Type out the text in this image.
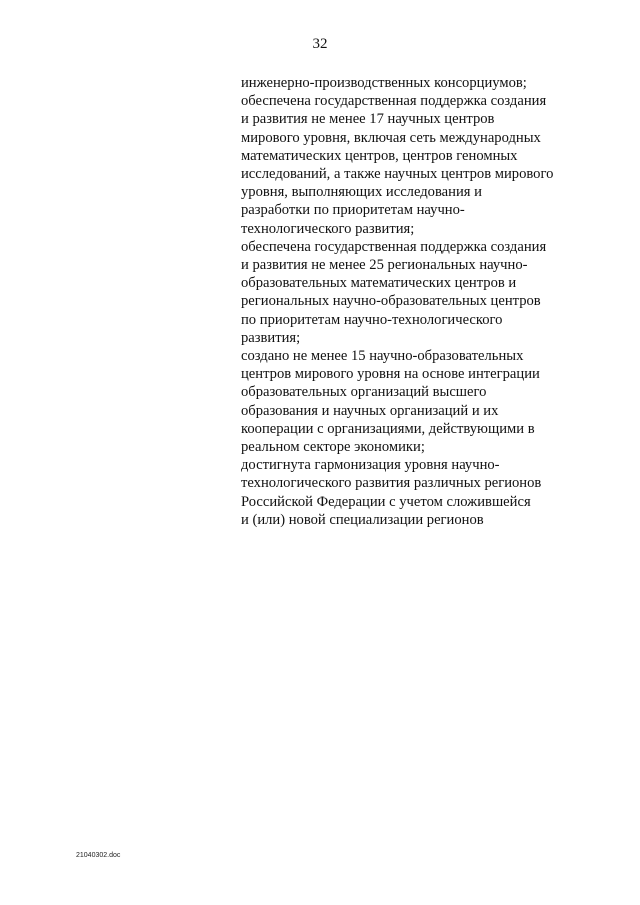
32
инженерно-производственных консорциумов;
обеспечена государственная поддержка создания
и развития не менее 17 научных центров
мирового уровня, включая сеть международных
математических центров, центров геномных
исследований, а также научных центров мирового
уровня, выполняющих исследования и
разработки по приоритетам научно-
технологического развития;
обеспечена государственная поддержка создания
и развития не менее 25 региональных научно-
образовательных математических центров и
региональных научно-образовательных центров
по приоритетам научно-технологического
развития;
создано не менее 15 научно-образовательных
центров мирового уровня на основе интеграции
образовательных организаций высшего
образования и научных организаций и их
кооперации с организациями, действующими в
реальном секторе экономики;
достигнута гармонизация уровня научно-
технологического развития различных регионов
Российской Федерации с учетом сложившейся
и (или) новой специализации регионов
21040302.doc
